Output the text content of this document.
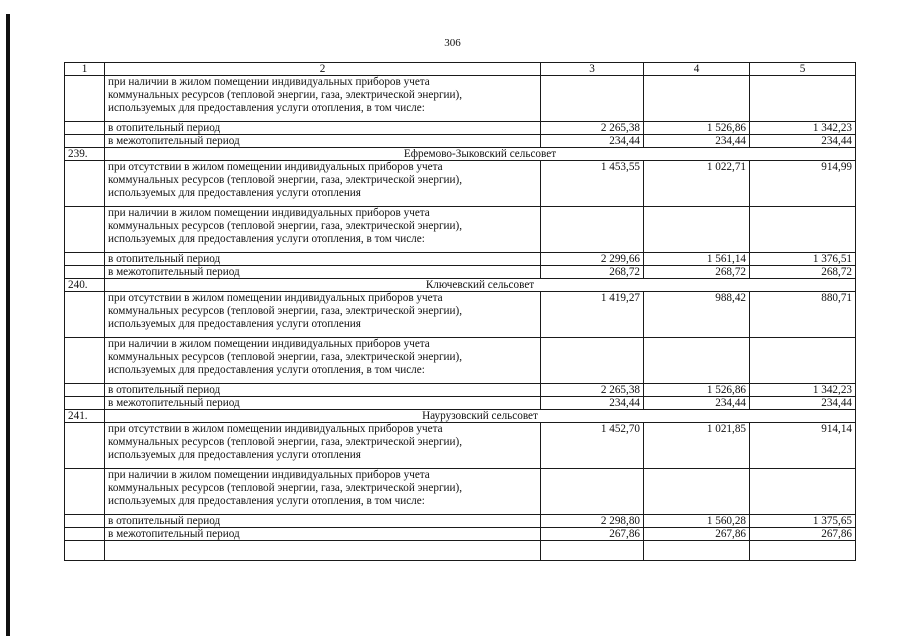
306
1	2	3	4	5

	при наличии в жилом помещении индивидуальных приборов учета
коммунальных ресурсов (тепловой энергии, газа, электрической энергии),
используемых для предоставления услуги отопления, в том числе:			

	в отопительный период	2 265,38	1 526,86	1 342,23
	в межотопительный период	234,44	234,44	234,44
239.	Ефремово-Зыковский сельсовет			

	при отсутствии в жилом помещении индивидуальных приборов учета
коммунальных ресурсов (тепловой энергии, газа, электрической энергии),
используемых для предоставления услуги отопления	1 453,55	1 022,71	914,99

	при наличии в жилом помещении индивидуальных приборов учета
коммунальных ресурсов (тепловой энергии, газа, электрической энергии),
используемых для предоставления услуги отопления, в том числе:			

	в отопительный период	2 299,66	1 561,14	1 376,51
	в межотопительный период	268,72	268,72	268,72
240.	Ключевский сельсовет			

	при отсутствии в жилом помещении индивидуальных приборов учета
коммунальных ресурсов (тепловой энергии, газа, электрической энергии),
используемых для предоставления услуги отопления	1 419,27	988,42	880,71

	при наличии в жилом помещении индивидуальных приборов учета
коммунальных ресурсов (тепловой энергии, газа, электрической энергии),
используемых для предоставления услуги отопления, в том числе:			

	в отопительный период	2 265,38	1 526,86	1 342,23
	в межотопительный период	234,44	234,44	234,44
241.	Наурузовский сельсовет			

	при отсутствии в жилом помещении индивидуальных приборов учета
коммунальных ресурсов (тепловой энергии, газа, электрической энергии),
используемых для предоставления услуги отопления	1 452,70	1 021,85	914,14

	при наличии в жилом помещении индивидуальных приборов учета
коммунальных ресурсов (тепловой энергии, газа, электрической энергии),
используемых для предоставления услуги отопления, в том числе:			

	в отопительный период	2 298,80	1 560,28	1 375,65
	в межотопительный период	267,86	267,86	267,86
